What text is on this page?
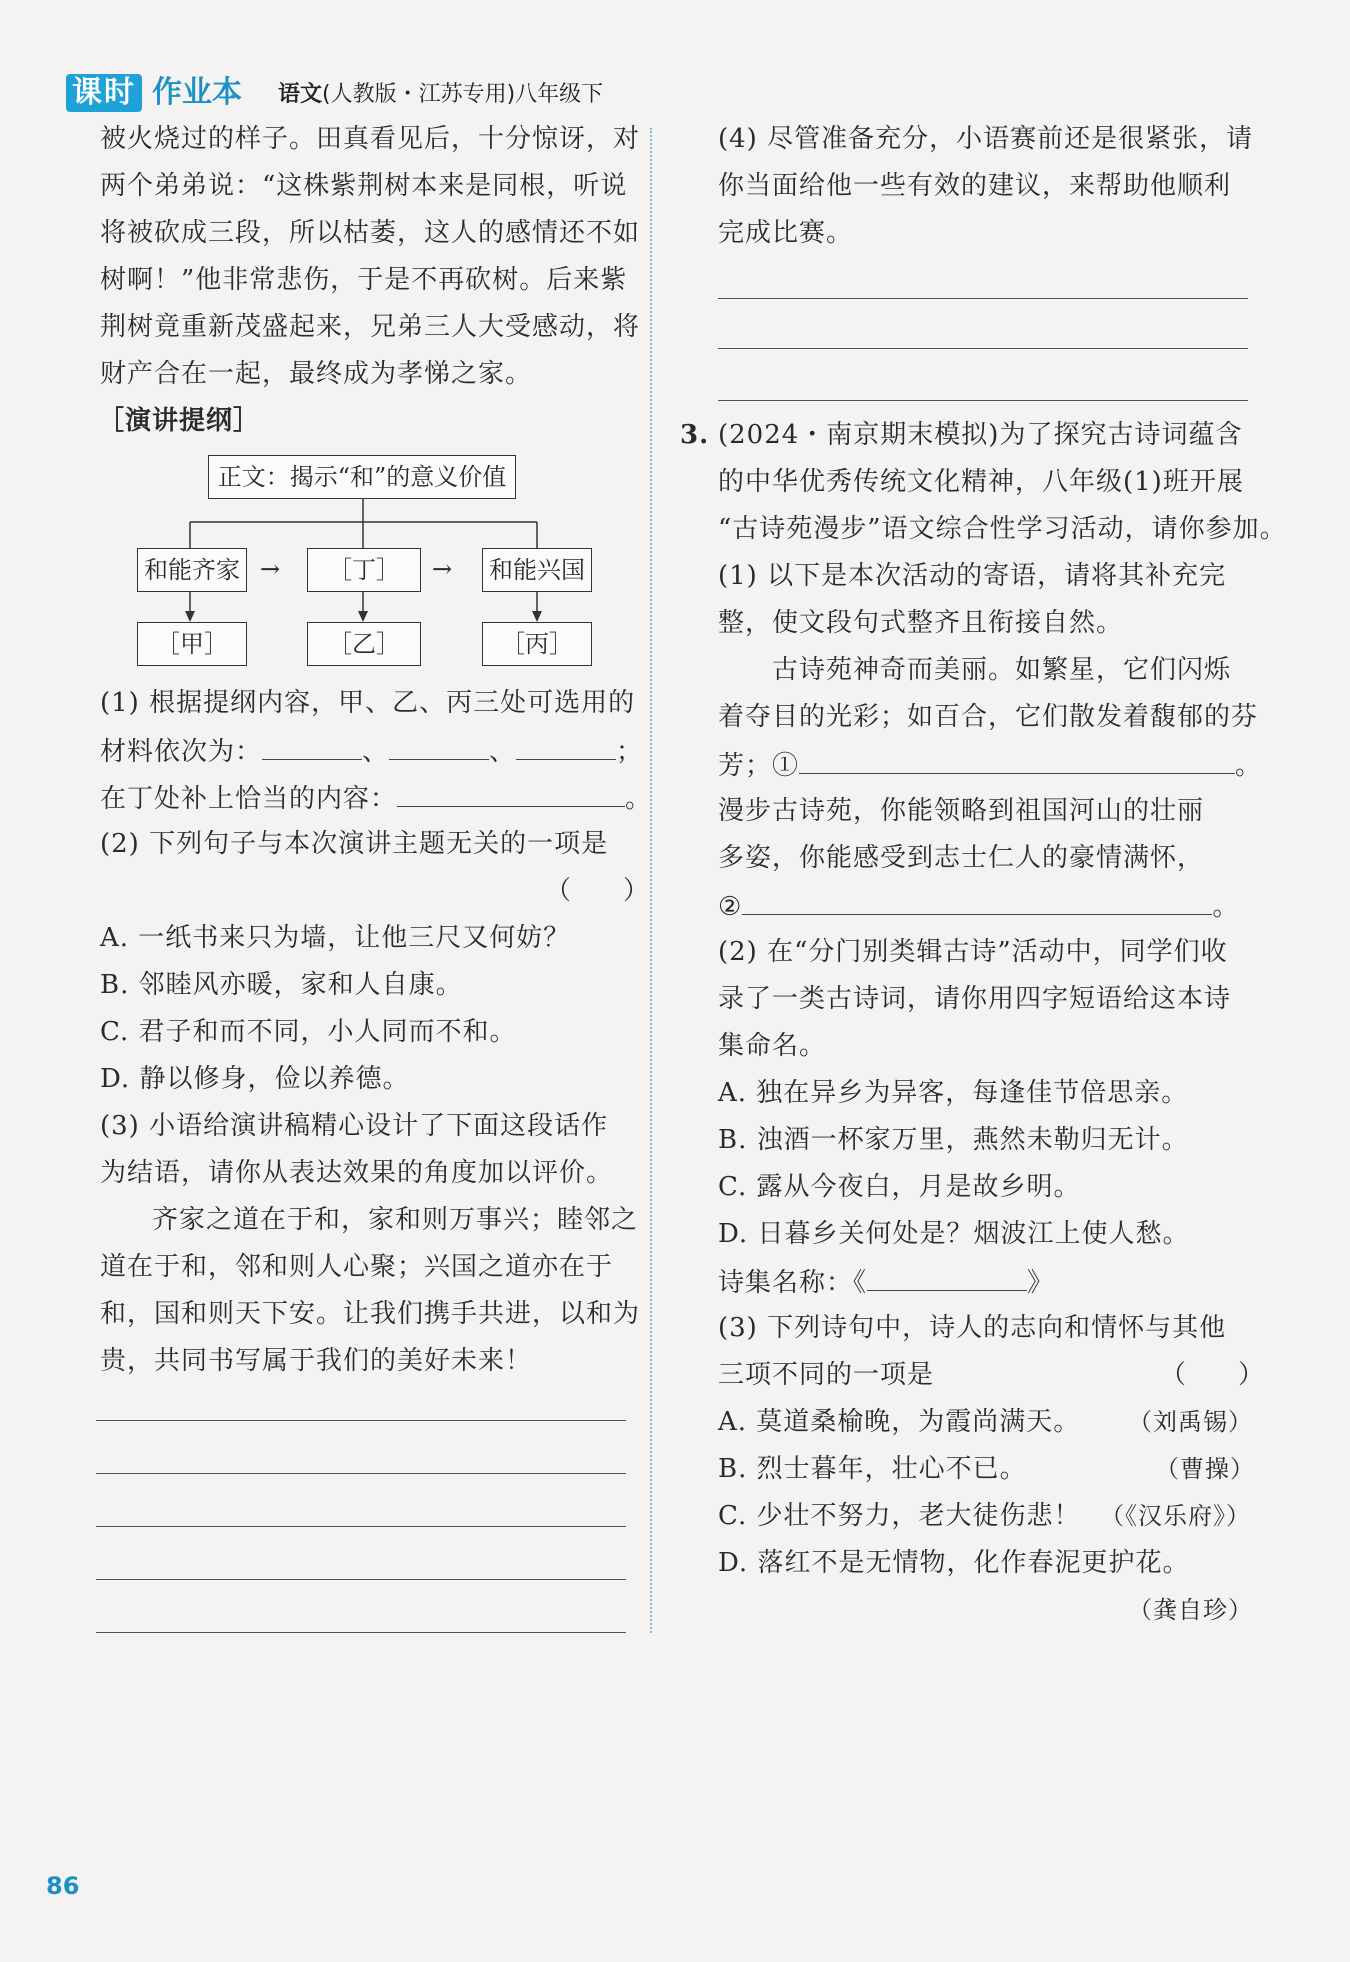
课时 作业本 语文(人教版・江苏专用)八年级下
被火烧过的样子。田真看见后，十分惊讶，对
两个弟弟说：“这株紫荆树本来是同根，听说
将被砍成三段，所以枯萎，这人的感情还不如
树啊！”他非常悲伤，于是不再砍树。后来紫
荆树竟重新茂盛起来，兄弟三人大受感动，将
财产合在一起，最终成为孝悌之家。
［演讲提纲］
正文：揭示“和”的意义价值
和能齐家 →	［丁］	→ 和能兴国
［甲］	［乙］	［丙］
(1) 根据提纲内容，甲、乙、丙三处可选用的
材料依次为：	、	、	；
在丁处补上恰当的内容：	。
(2) 下列句子与本次演讲主题无关的一项是
（　　）
A. 一纸书来只为墙，让他三尺又何妨？
B. 邻睦风亦暖，家和人自康。
C. 君子和而不同，小人同而不和。
D. 静以修身，俭以养德。
(3) 小语给演讲稿精心设计了下面这段话作
为结语，请你从表达效果的角度加以评价。
齐家之道在于和，家和则万事兴；睦邻之
道在于和，邻和则人心聚；兴国之道亦在于
和，国和则天下安。让我们携手共进，以和为
贵，共同书写属于我们的美好未来！
(4) 尽管准备充分，小语赛前还是很紧张，请
你当面给他一些有效的建议，来帮助他顺利
完成比赛。
3. (2024・南京期末模拟)为了探究古诗词蕴含
的中华优秀传统文化精神，八年级(1)班开展
“古诗苑漫步”语文综合性学习活动，请你参加。
(1) 以下是本次活动的寄语，请将其补充完
整，使文段句式整齐且衔接自然。
古诗苑神奇而美丽。如繁星，它们闪烁
着夺目的光彩；如百合，它们散发着馥郁的芬
芳；①	。
漫步古诗苑，你能领略到祖国河山的壮丽
多姿，你能感受到志士仁人的豪情满怀，
②	。
(2) 在“分门别类辑古诗”活动中，同学们收
录了一类古诗词，请你用四字短语给这本诗
集命名。
A. 独在异乡为异客，每逢佳节倍思亲。
B. 浊酒一杯家万里，燕然未勒归无计。
C. 露从今夜白，月是故乡明。
D. 日暮乡关何处是？烟波江上使人愁。
诗集名称：《	》
(3) 下列诗句中，诗人的志向和情怀与其他
三项不同的一项是	（　　）
A. 莫道桑榆晚，为霞尚满天。 （刘禹锡）
B. 烈士暮年，壮心不已。	（曹操）
C. 少壮不努力，老大徒伤悲！ （《汉乐府》）
D. 落红不是无情物，化作春泥更护花。
（龚自珍）
86
